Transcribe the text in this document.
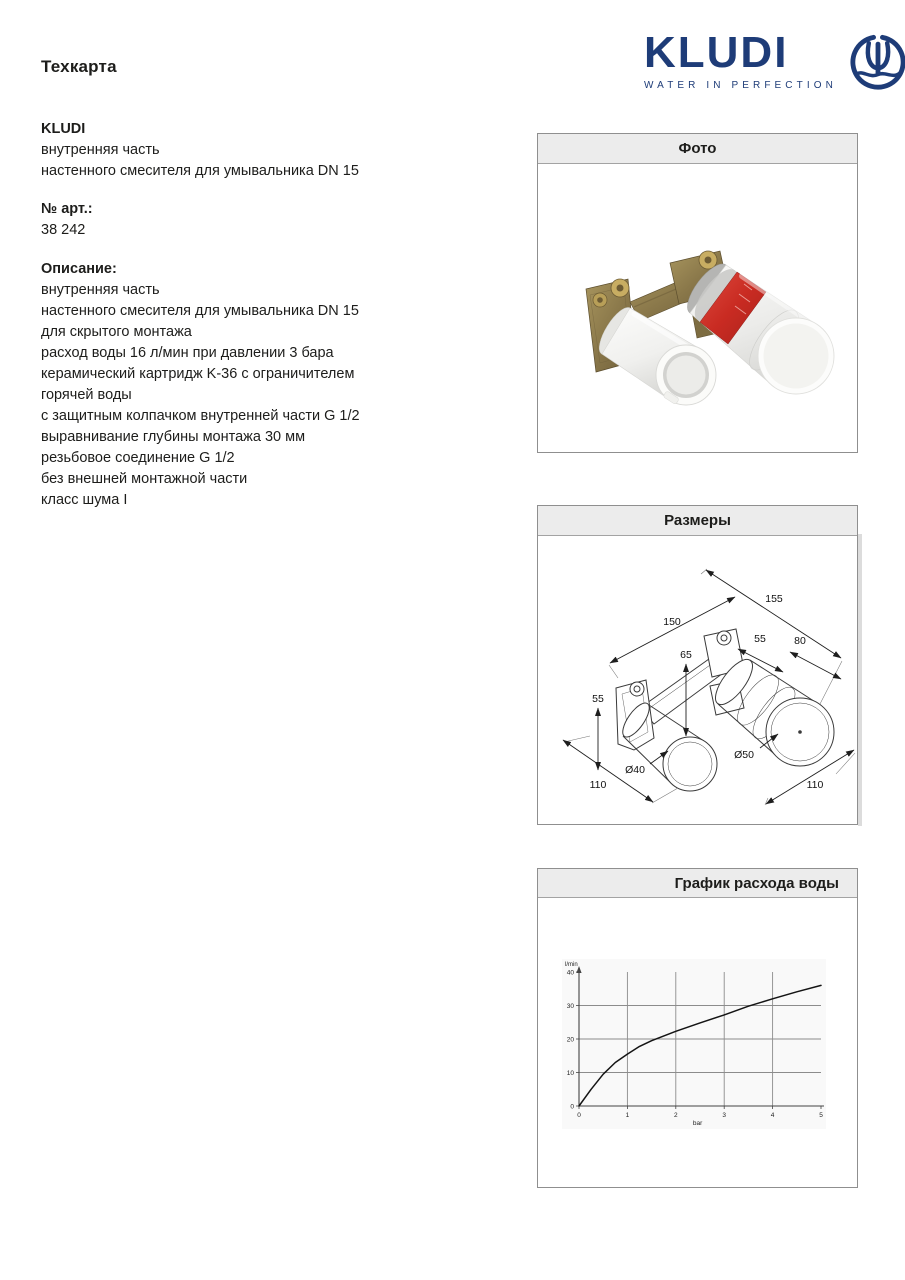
Техкарта	KLUDI
WATER IN PERFECTION
KLUDI
внутренняя часть
настенного смесителя для умывальника DN 15
№ арт.:
38 242
Описание:
внутренняя часть
настенного смесителя для умывальника DN 15
для скрытого монтажа
расход воды 16 л/мин при давлении 3 бара
керамический картридж K-36 с ограничителем
горячей воды
с защитным колпачком внутренней части G 1/2
выравнивание глубины монтажа 30 мм
резьбовое соединение G 1/2
без внешней монтажной части
класс шума I
Фото
Размеры
155
150
65
55
55	80
Ø50
Ø40
110	110
График расхода воды
0	1	2	3	4	5
0
10
20
30
40
l/min
bar
